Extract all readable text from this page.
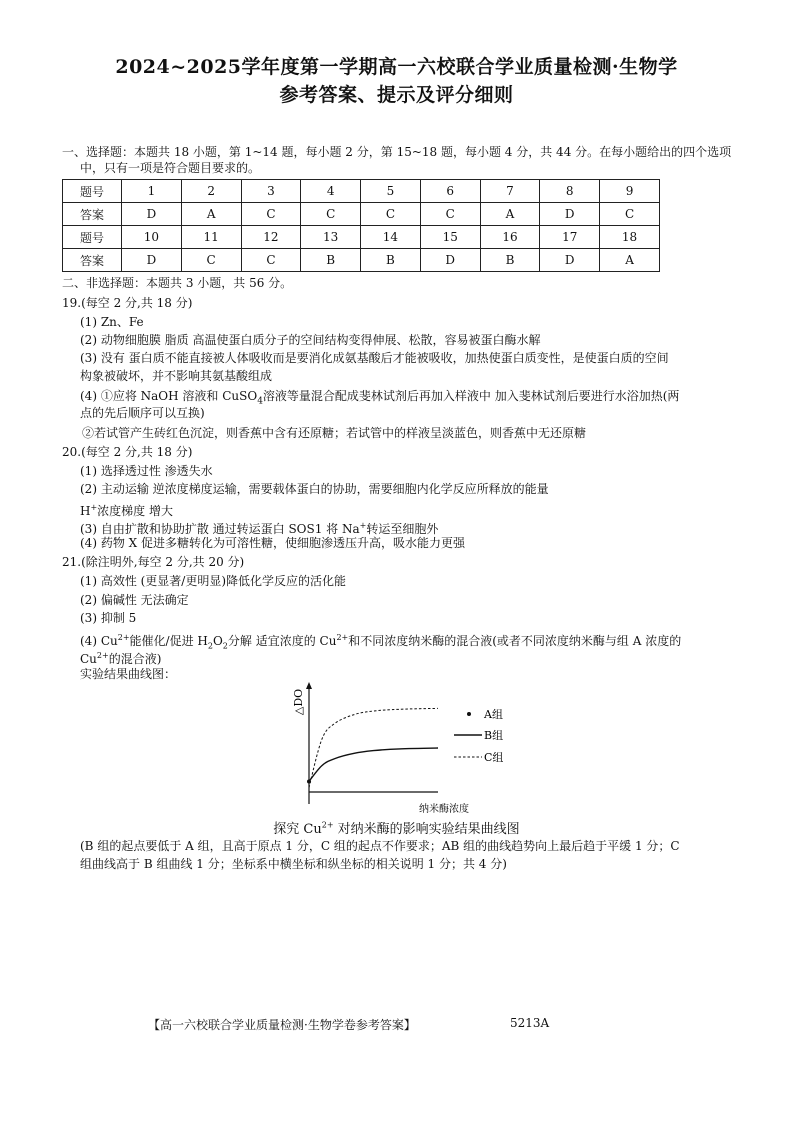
2024~2025学年度第一学期高一六校联合学业质量检测·生物学
参考答案、提示及评分细则
一、选择题：本题共 18 小题，第 1~14 题，每小题 2 分，第 15~18 题，每小题 4 分，共 44 分。在每小题给出的四个选项
中，只有一项是符合题目要求的。
题号	1	2	3	4	5	6	7	8	9
答案	D	A	C	C	C	C	A	D	C
题号	10	11	12	13	14	15	16	17	18
答案	D	C	C	B	B	D	B	D	A
二、非选择题：本题共 3 小题，共 56 分。
19.(每空 2 分,共 18 分)
(1) Zn、Fe
(2) 动物细胞膜 脂质 高温使蛋白质分子的空间结构变得伸展、松散，容易被蛋白酶水解
(3) 没有 蛋白质不能直接被人体吸收而是要消化成氨基酸后才能被吸收，加热使蛋白质变性，是使蛋白质的空间
构象被破坏，并不影响其氨基酸组成
(4) ①应将 NaOH 溶液和 CuSO$_4$溶液等量混合配成斐林试剂后再加入样液中 加入斐林试剂后要进行水浴加热(两
点的先后顺序可以互换)
②若试管产生砖红色沉淀，则香蕉中含有还原糖；若试管中的样液呈淡蓝色，则香蕉中无还原糖
20.(每空 2 分,共 18 分)
(1) 选择透过性 渗透失水
(2) 主动运输 逆浓度梯度运输，需要载体蛋白的协助，需要细胞内化学反应所释放的能量
H+浓度梯度 增大
(3) 自由扩散和协助扩散 通过转运蛋白 SOS1 将 Na+转运至细胞外
(4) 药物 X 促进多糖转化为可溶性糖，使细胞渗透压升高，吸水能力更强
21.(除注明外,每空 2 分,共 20 分)
(1) 高效性 (更显著/更明显)降低化学反应的活化能
(2) 偏碱性 无法确定
(3) 抑制 5
(4) $Cu^{2+}$能催化/促进 $H_2O_2$分解 适宜浓度的 $Cu^{2+}$和不同浓度纳米酶的混合液(或者不同浓度纳米酶与组 A 浓度的
$Cu^{2+}$的混合液)
实验结果曲线图：
△DO
纳米酶浓度
A组
B组
C组
探究 $Cu^{2+}$ 对纳米酶的影响实验结果曲线图
(B 组的起点要低于 A 组，且高于原点 1 分，C 组的起点不作要求；AB 组的曲线趋势向上最后趋于平缓 1 分；C
组曲线高于 B 组曲线 1 分；坐标系中横坐标和纵坐标的相关说明 1 分；共 4 分)
【高一六校联合学业质量检测·生物学卷参考答案】	5213A
